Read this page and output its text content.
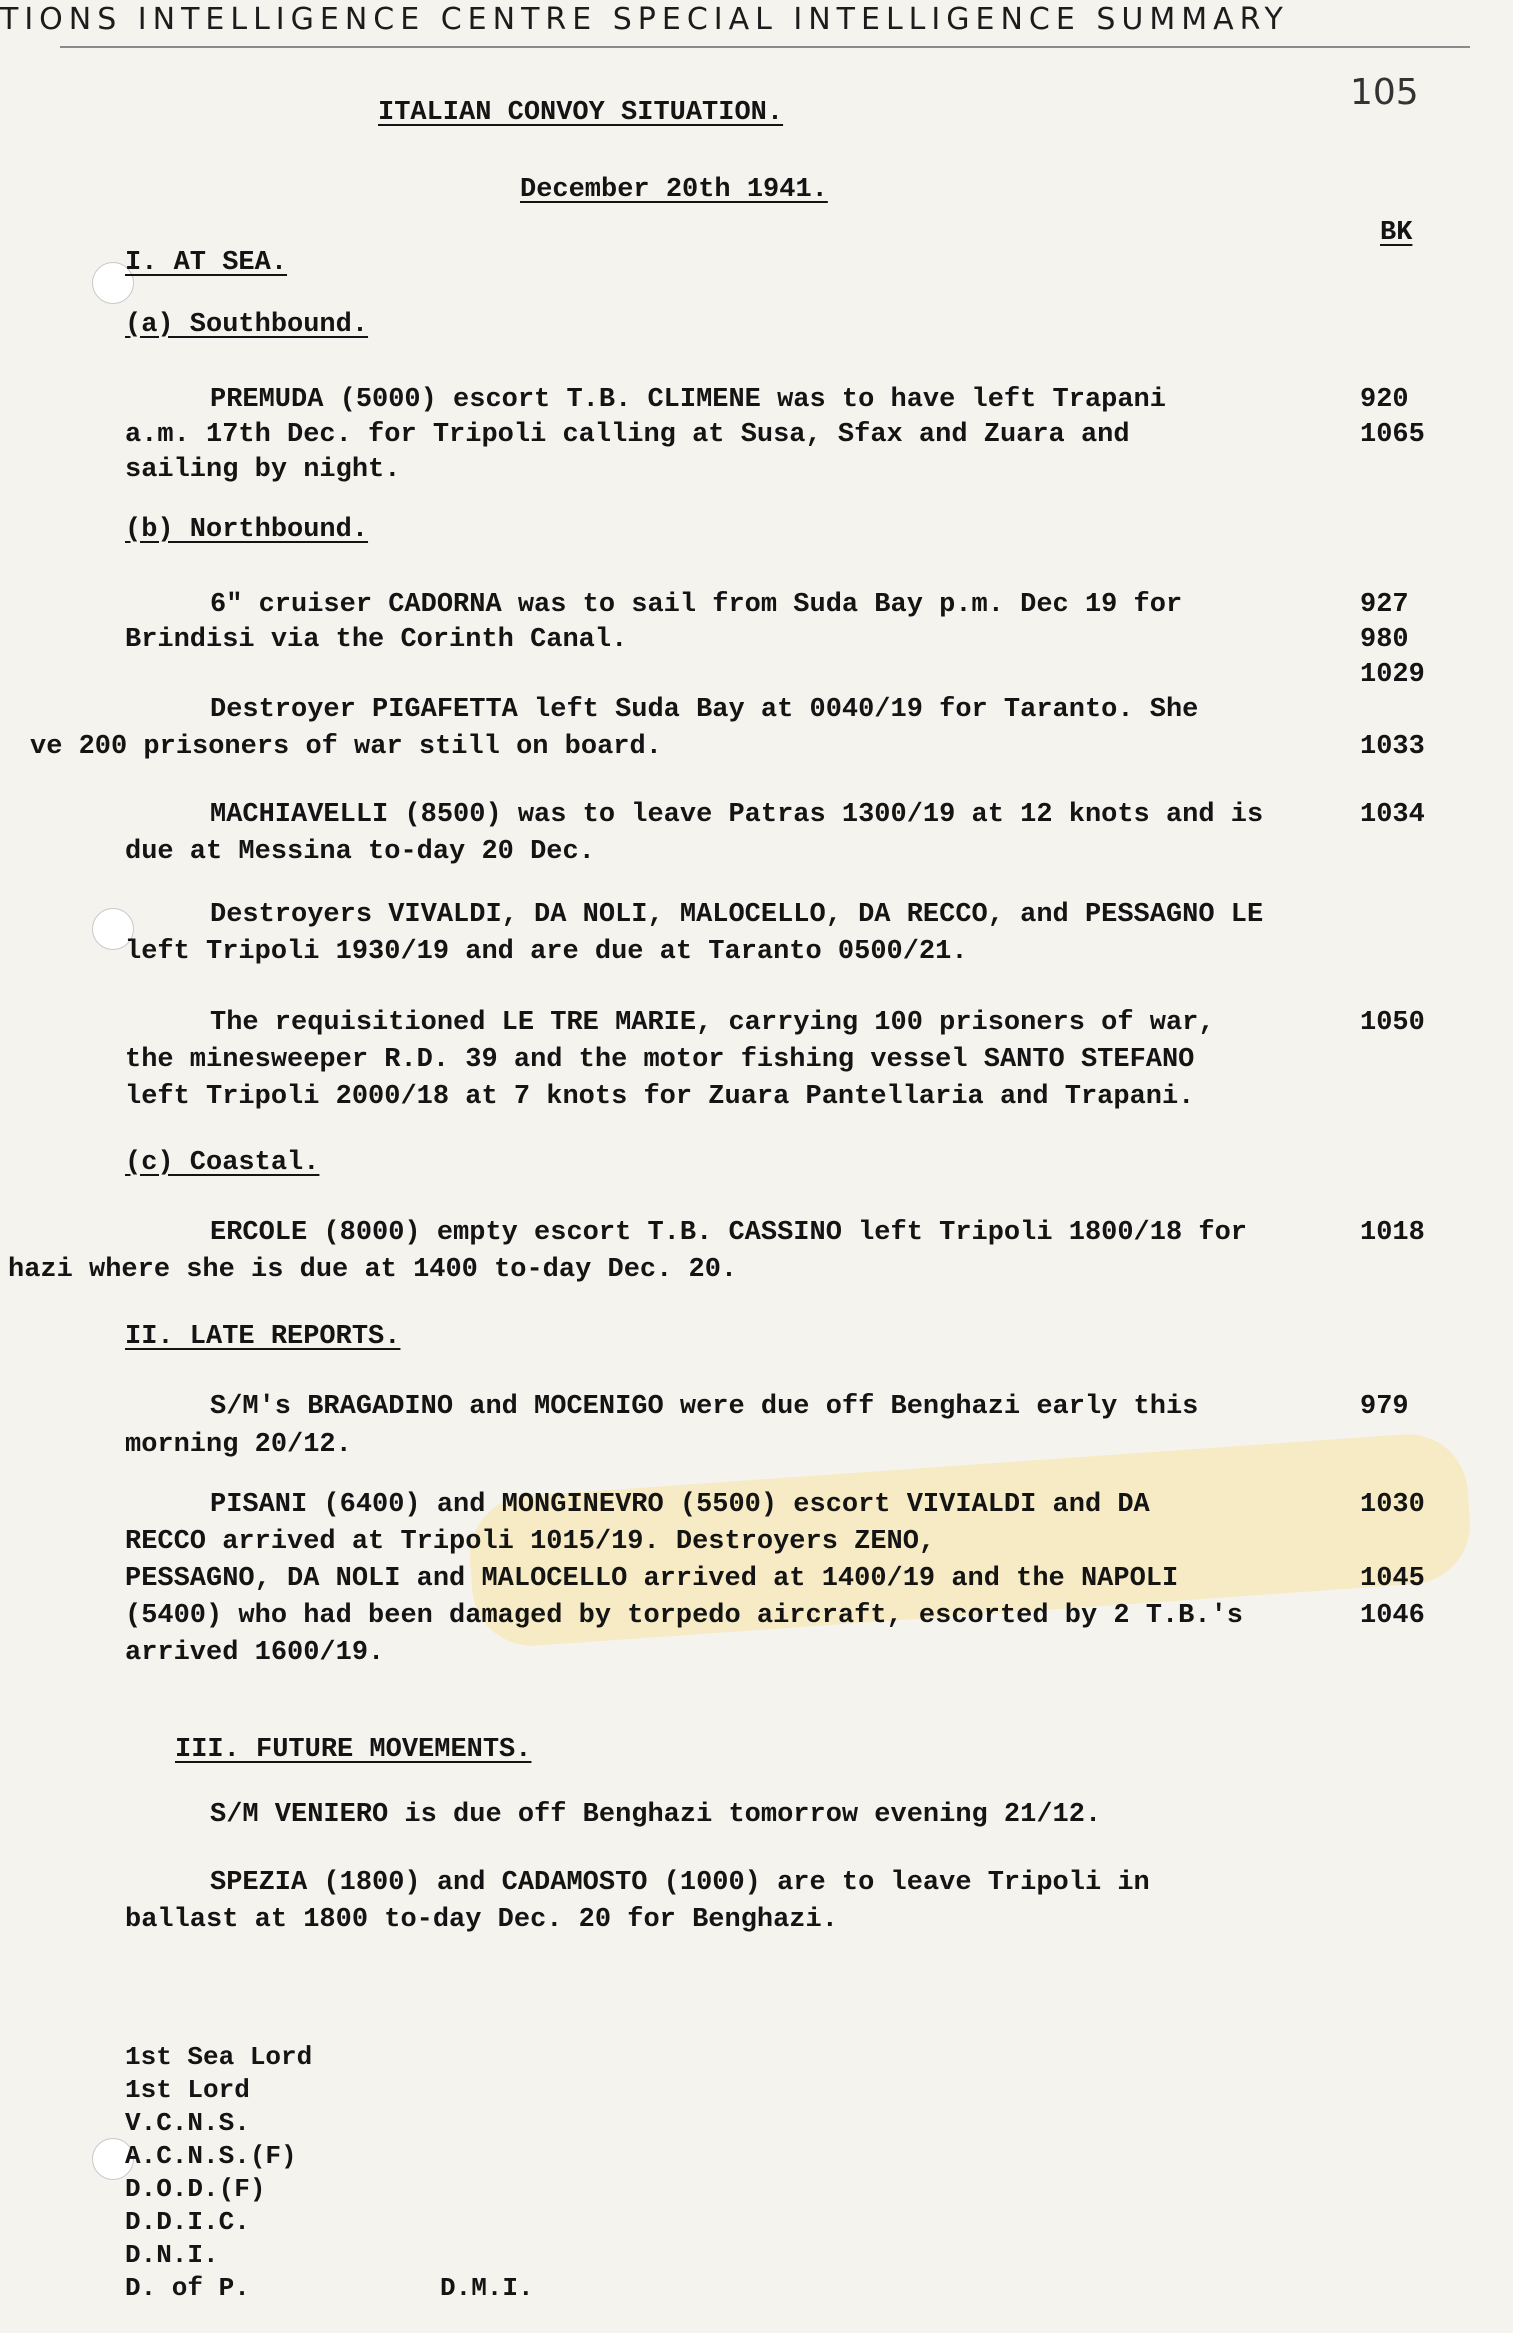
TIONS INTELLIGENCE CENTRE SPECIAL INTELLIGENCE SUMMARY
105
ITALIAN CONVOY SITUATION.
December 20th 1941.
BK
I. AT SEA.
(a) Southbound.
PREMUDA (5000) escort T.B. CLIMENE was to have left Trapani
a.m. 17th Dec. for Tripoli calling at Susa, Sfax and Zuara and
sailing by night.
920
1065
(b) Northbound.
6" cruiser CADORNA was to sail from Suda Bay p.m. Dec 19 for
Brindisi via the Corinth Canal.
927
980
1029
Destroyer PIGAFETTA left Suda Bay at 0040/19 for Taranto. She
ve 200 prisoners of war still on board.	1033
MACHIAVELLI (8500) was to leave Patras 1300/19 at 12 knots and is
due at Messina to-day 20 Dec.
1034
Destroyers VIVALDI, DA NOLI, MALOCELLO, DA RECCO, and PESSAGNO LE
left Tripoli 1930/19 and are due at Taranto 0500/21.
The requisitioned LE TRE MARIE, carrying 100 prisoners of war,
the minesweeper R.D. 39 and the motor fishing vessel SANTO STEFANO
left Tripoli 2000/18 at 7 knots for Zuara Pantellaria and Trapani.
1050
(c) Coastal.
ERCOLE (8000) empty escort T.B. CASSINO left Tripoli 1800/18 for
hazi where she is due at 1400 to-day Dec. 20.
1018
II. LATE REPORTS.
S/M's BRAGADINO and MOCENIGO were due off Benghazi early this
morning 20/12.
979
PISANI (6400) and MONGINEVRO (5500) escort VIVIALDI and DA
RECCO arrived at Tripoli 1015/19. Destroyers ZENO,
PESSAGNO, DA NOLI and MALOCELLO arrived at 1400/19 and the NAPOLI
(5400) who had been damaged by torpedo aircraft, escorted by 2 T.B.'s
arrived 1600/19.
1030
1045
1046
III. FUTURE MOVEMENTS.
S/M VENIERO is due off Benghazi tomorrow evening 21/12.
SPEZIA (1800) and CADAMOSTO (1000) are to leave Tripoli in
ballast at 1800 to-day Dec. 20 for Benghazi.
1st Sea Lord
1st Lord
V.C.N.S.
A.C.N.S.(F)
D.O.D.(F)
D.D.I.C.
D.N.I.
D. of P.	D.M.I.
